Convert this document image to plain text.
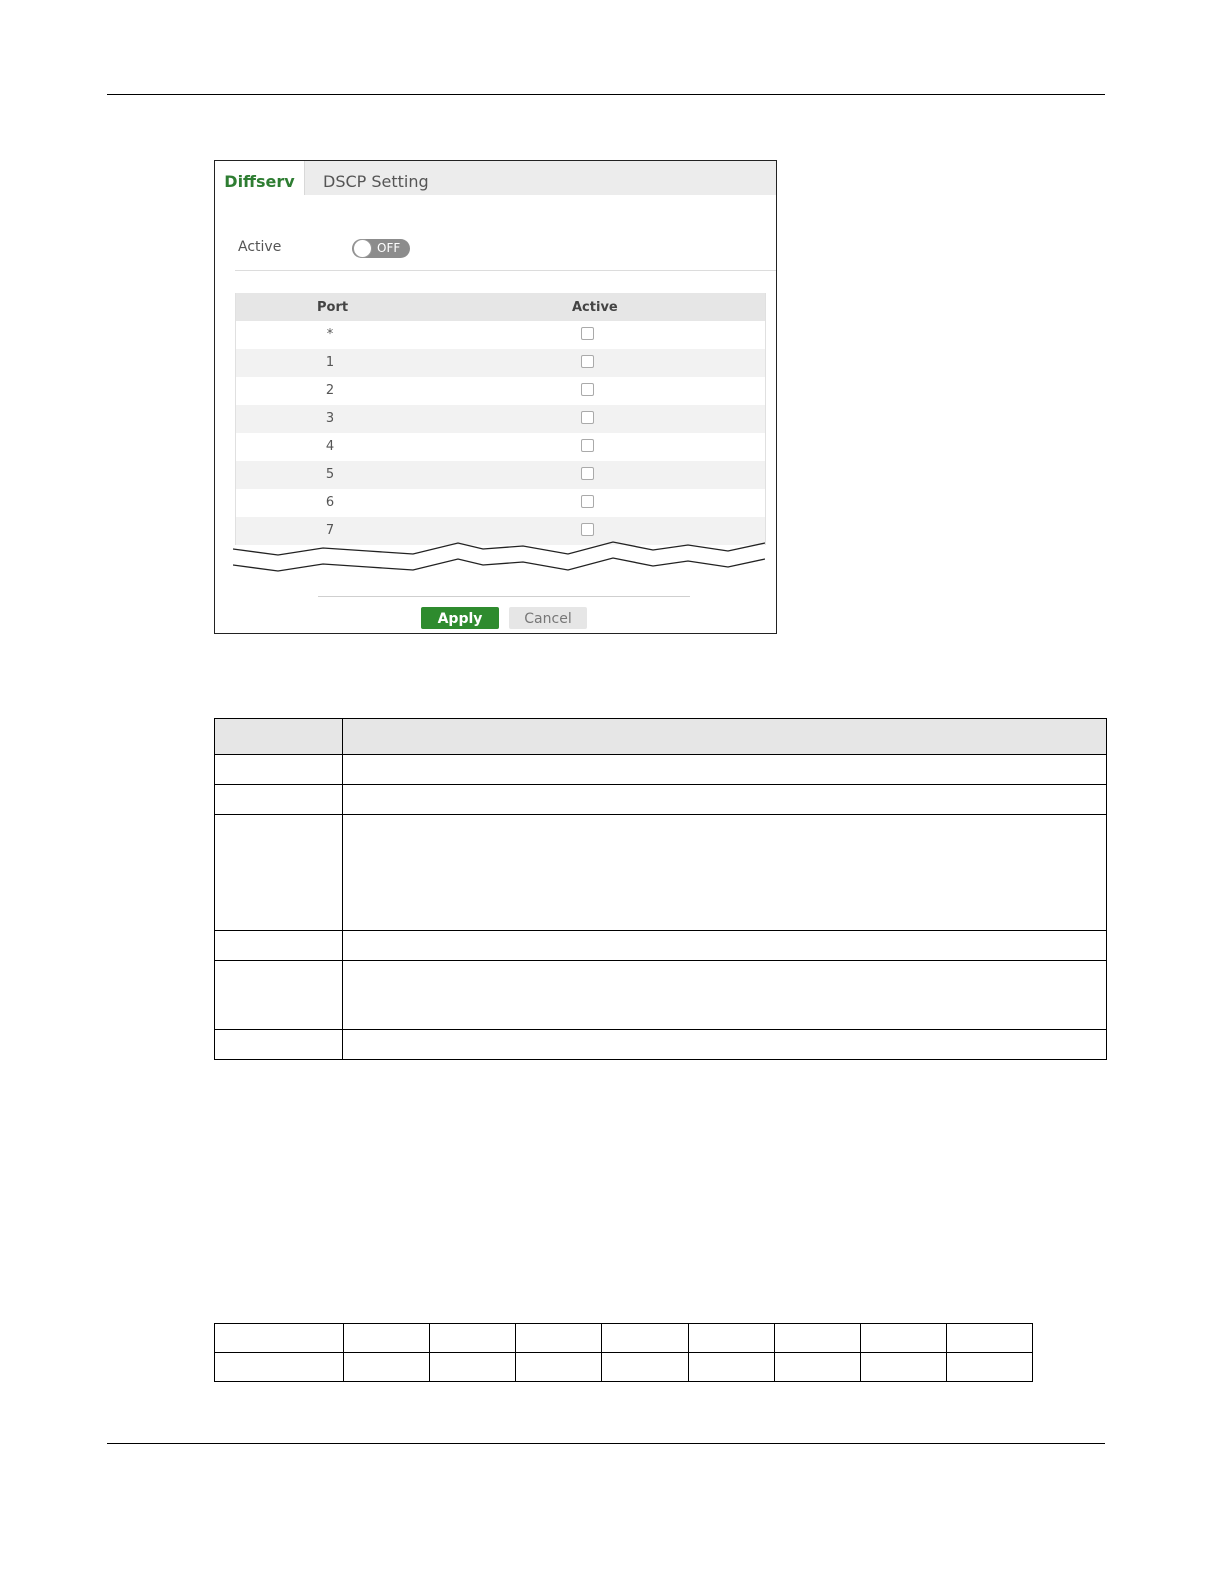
Diffserv	DSCP Setting
Active	OFF
Port	Active
*
1
2
3
4
5
6
7
Apply	Cancel
